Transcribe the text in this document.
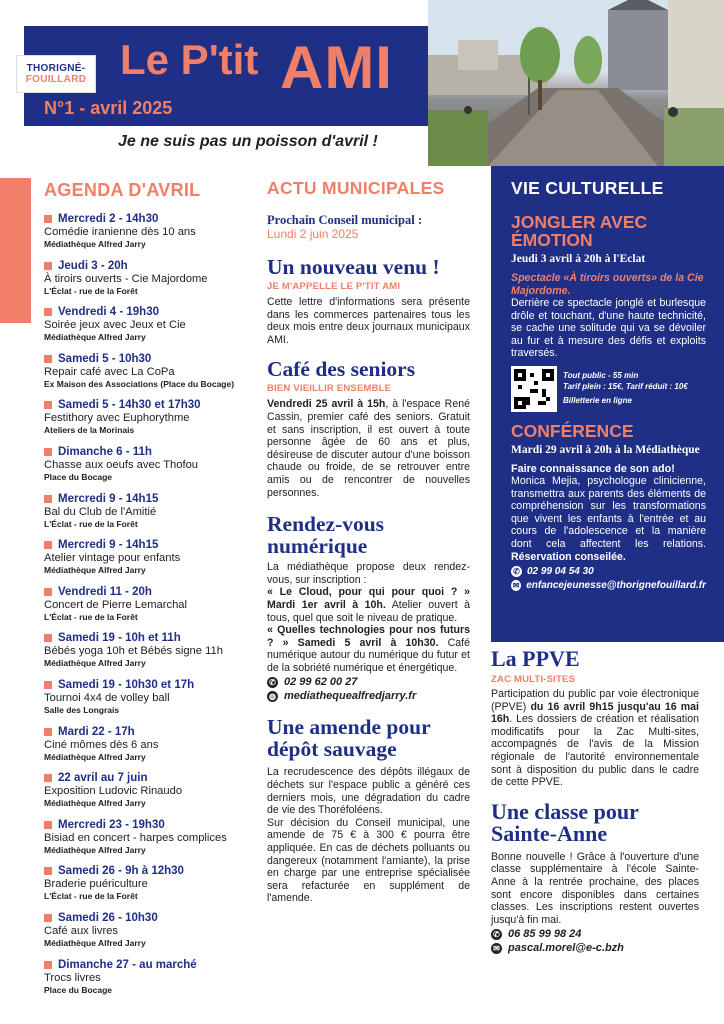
THORIGNÉ-
FOUILLARD Le P'tit AMI
N°1 - avril 2025
Je ne suis pas un poisson d'avril !
AGENDA D'AVRIL
Mercredi 2 - 14h30
Comédie iranienne dès 10 ans
Médiathèque Alfred Jarry
Jeudi 3 - 20h
À tiroirs ouverts - Cie Majordome
L'Éclat - rue de la Forêt
Vendredi 4 - 19h30
Soirée jeux avec Jeux et Cie
Médiathèque Alfred Jarry
Samedi 5 - 10h30
Repair café avec La CoPa
Ex Maison des Associations (Place du Bocage)
Samedi 5 - 14h30 et 17h30
Festithory avec Euphorythme
Ateliers de la Morinais
Dimanche 6 - 11h
Chasse aux oeufs avec Thofou
Place du Bocage
Mercredi 9 - 14h15
Bal du Club de l'Amitié
L'Éclat - rue de la Forêt
Mercredi 9 - 14h15
Atelier vintage pour enfants
Médiathèque Alfred Jarry
Vendredi 11 - 20h
Concert de Pierre Lemarchal
L'Éclat - rue de la Forêt
Samedi 19 - 10h et 11h
Bébés yoga 10h et Bébés signe 11h
Médiathèque Alfred Jarry
Samedi 19 - 10h30 et 17h
Tournoi 4x4 de volley ball
Salle des Longrais
Mardi 22 - 17h
Ciné mômes dès 6 ans
Médiathèque Alfred Jarry
22 avril au 7 juin
Exposition Ludovic Rinaudo
Médiathèque Alfred Jarry
Mercredi 23 - 19h30
Bisiad en concert - harpes complices
Médiathèque Alfred Jarry
Samedi 26 - 9h à 12h30
Braderie puériculture
L'Éclat - rue de la Forêt
Samedi 26 - 10h30
Café aux livres
Médiathèque Alfred Jarry
Dimanche 27 - au marché
Trocs livres
Place du Bocage
ACTU MUNICIPALES
Prochain Conseil municipal :
Lundi 2 juin 2025
Un nouveau venu !
JE M'APPELLE LE P'TIT AMI
Cette lettre d'informations sera présente dans les commerces partenaires tous les deux mois entre deux journaux municipaux AMI.
Café des seniors
BIEN VIEILLIR ENSEMBLE
Vendredi 25 avril à 15h, à l'espace René Cassin, premier café des seniors. Gratuit et sans inscription, il est ouvert à toute personne âgée de 60 ans et plus, désireuse de discuter autour d'une boisson chaude ou froide, de se retrouver entre amis ou de rencontrer de nouvelles personnes.
Rendez-vous numérique
La médiathèque propose deux rendez-vous, sur inscription :
« Le Cloud, pour qui pour quoi ? » Mardi 1er avril à 10h. Atelier ouvert à tous, quel que soit le niveau de pratique.
« Quelles technologies pour nos futurs ? » Samedi 5 avril à 10h30. Café numérique autour du numérique du futur et de la sobriété numérique et énergétique.
✆ 02 99 62 00 27
◍ mediathequealfredjarry.fr
Une amende pour dépôt sauvage
La recrudescence des dépôts illégaux de déchets sur l'espace public a généré ces derniers mois, une dégradation du cadre de vie des Thoréfoléens.
Sur décision du Conseil municipal, une amende de 75 € à 300 € pourra être appliquée. En cas de déchets polluants ou dangereux (notamment l'amiante), la prise en charge par une entreprise spécialisée sera refacturée en supplément de l'amende.
VIE CULTURELLE
JONGLER AVEC ÉMOTION
Jeudi 3 avril à 20h à l'Eclat
Spectacle «À tiroirs ouverts» de la Cie Majordome.
Derrière ce spectacle jonglé et burlesque drôle et touchant, d'une haute technicité, se cache une solitude qui va se dévoiler au fur et à mesure des défis et exploits traversés.
Tout public - 55 min
Tarif plein : 15€, Tarif réduit : 10€
Billetterie en ligne
CONFÉRENCE
Mardi 29 avril à 20h à la Médiathèque
Faire connaissance de son ado!
Monica Mejia, psychologue clinicienne, transmettra aux parents des éléments de compréhension sur les transformations que vivent les enfants à l'entrée et au cours de l'adolescence et la manière dont cela affectent les relations. Réservation conseilée.
✆ 02 99 04 54 30
✉ enfancejeunesse@thorignefouillard.fr
La PPVE
ZAC MULTI-SITES
Participation du public par voie électronique (PPVE) du 16 avril 9h15 jusqu'au 16 mai 16h. Les dossiers de création et réalisation modificatifs pour la Zac Multi-sites, accompagnés de l'avis de la Mission régionale de l'autorité environnementale sont à disposition du public dans le cadre de cette PPVE.
Une classe pour Sainte-Anne
Bonne nouvelle ! Grâce à l'ouverture d'une classe supplémentaire à l'école Sainte-Anne à la rentrée prochaine, des places sont encore disponibles dans certaines classes. Les inscriptions restent ouvertes jusqu'à fin mai.
✆ 06 85 99 98 24
✉ pascal.morel@e-c.bzh
